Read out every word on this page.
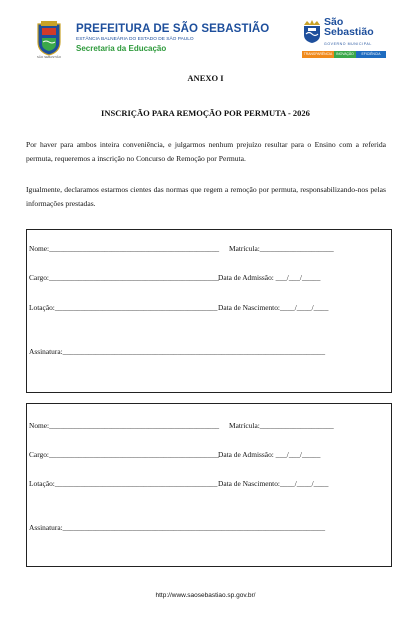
SÃO SEBASTIÃO
PREFEITURA DE SÃO SEBASTIÃO
ESTÂNCIA BALNEÁRIA DO ESTADO DE SÃO PAULO
Secretaria da Educação
São
Sebastião
GOVERNO MUNICIPAL
TRANSPARÊNCIA	INOVAÇÃO	EFICIÊNCIA
ANEXO I
INSCRIÇÃO PARA REMOÇÃO POR PERMUTA - 2026
Por haver para ambos inteira conveniência, e julgarmos nenhum prejuízo resultar para o Ensino com a referida permuta, requeremos a inscrição no Concurso de Remoção por Permuta.
Igualmente, declaramos estarmos cientes das normas que regem a remoção por permuta, responsabilizando-nos pelas informações prestadas.
Nome:______________________________________________ Matrícula:____________________
Cargo:______________________________________________ Data de Admissão: ___/___/_____
Lotação:____________________________________________ Data de Nascimento:____/____/____
Assinatura:_______________________________________________________________________
Nome:______________________________________________ Matrícula:____________________
Cargo:______________________________________________ Data de Admissão: ___/___/_____
Lotação:____________________________________________ Data de Nascimento:____/____/____
Assinatura:_______________________________________________________________________
http://www.saosebastiao.sp.gov.br/
